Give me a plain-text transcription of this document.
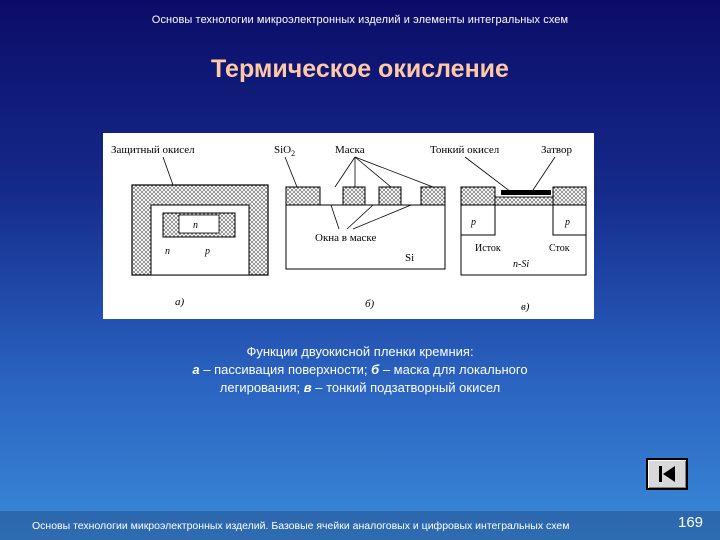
Основы технологии микроэлектронных изделий и элементы интегральных схем
Термическое окисление
Защитный окисел
n
n	p
а)
SiO$_2$	Маска
Окна в маске
Si
б)
Тонкий окисел	Затвор
p	p
Исток	Сток
n-Si
в)
Функции двуокисной пленки кремния:
а – пассивация поверхности; б – маска для локального
легирования; в – тонкий подзатворный окисел
Основы технологии микроэлектронных изделий. Базовые ячейки аналоговых и цифровых интегральных схем	169
